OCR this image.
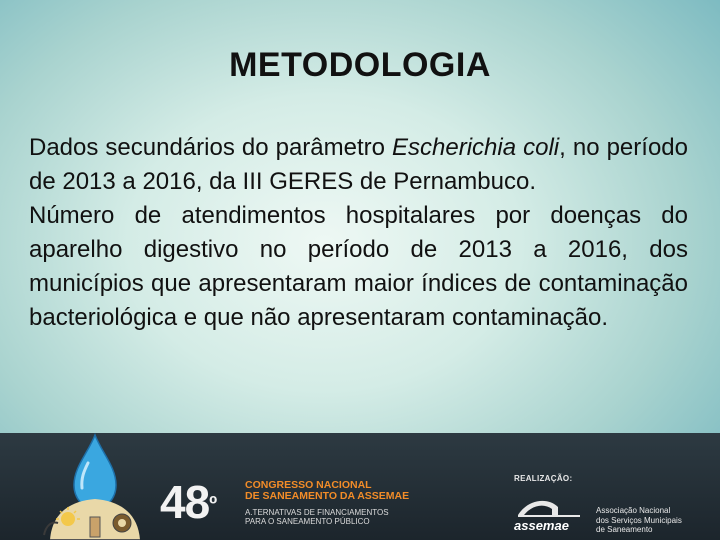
METODOLOGIA

Dados secundários do parâmetro Escherichia coli, no período de 2013 a 2016, da III GERES de Pernambuco.

Número de atendimentos hospitalares por doenças do aparelho digestivo no período de 2013 a 2016, dos municípios que apresentaram maior índices de contaminação bacteriológica e que não apresentaram contaminação.

$48^º$
CONGRESSO NACIONAL
DE SANEAMENTO DA ASSEMAE
A.TERNATIVAS DE FINANCIAMENTOS
PARA O SANEAMENTO PÚBLICO
REALIZAÇÃO:
assemae
Associação Nacional
dos Serviços Municipais
de Saneamento
